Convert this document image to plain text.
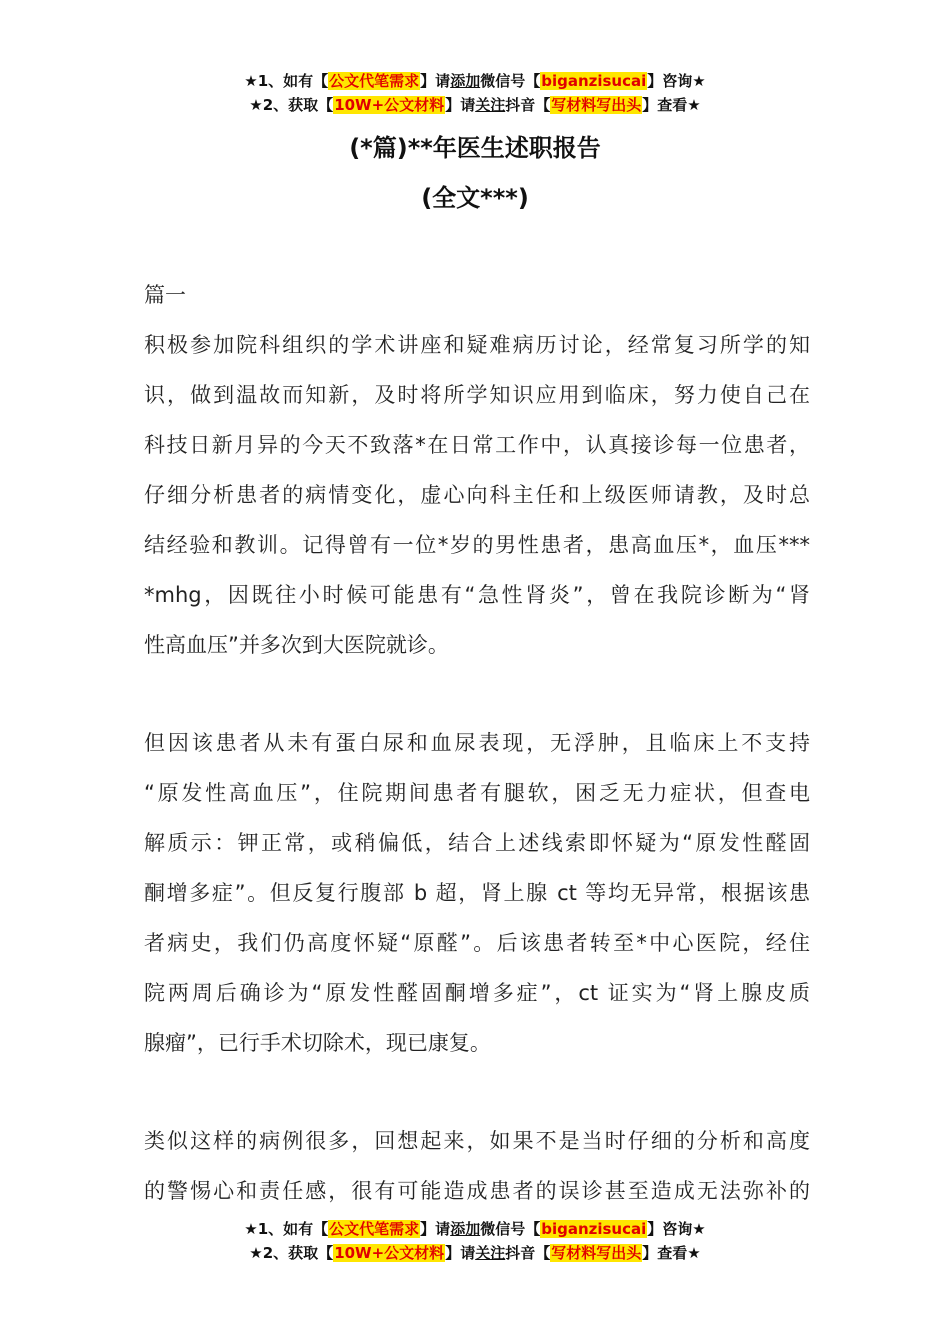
★1、如有【公文代笔需求】请添加微信号【biganzisucai】咨询★
★2、获取【10W+公文材料】请关注抖音【写材料写出头】查看★
(*篇)**年医生述职报告
(全文***)
篇一
积极参加院科组织的学术讲座和疑难病历讨论，经常复习所学的知
识，做到温故而知新，及时将所学知识应用到临床，努力使自己在
科技日新月异的今天不致落*在日常工作中，认真接诊每一位患者，
仔细分析患者的病情变化，虚心向科主任和上级医师请教，及时总
结经验和教训。记得曾有一位*岁的男性患者，患高血压*，血压***
*mhg，因既往小时候可能患有“急性肾炎”，曾在我院诊断为“肾
性高血压”并多次到大医院就诊。
但因该患者从未有蛋白尿和血尿表现，无浮肿，且临床上不支持
“原发性高血压”，住院期间患者有腿软，困乏无力症状，但查电
解质示：钾正常，或稍偏低，结合上述线索即怀疑为“原发性醛固
酮增多症”。但反复行腹部 b 超，肾上腺 ct 等均无异常，根据该患
者病史，我们仍高度怀疑“原醛”。后该患者转至*中心医院，经住
院两周后确诊为“原发性醛固酮增多症”，ct 证实为“肾上腺皮质
腺瘤”，已行手术切除术，现已康复。
类似这样的病例很多，回想起来，如果不是当时仔细的分析和高度
的警惕心和责任感，很有可能造成患者的误诊甚至造成无法弥补的
★1、如有【公文代笔需求】请添加微信号【biganzisucai】咨询★
★2、获取【10W+公文材料】请关注抖音【写材料写出头】查看★
